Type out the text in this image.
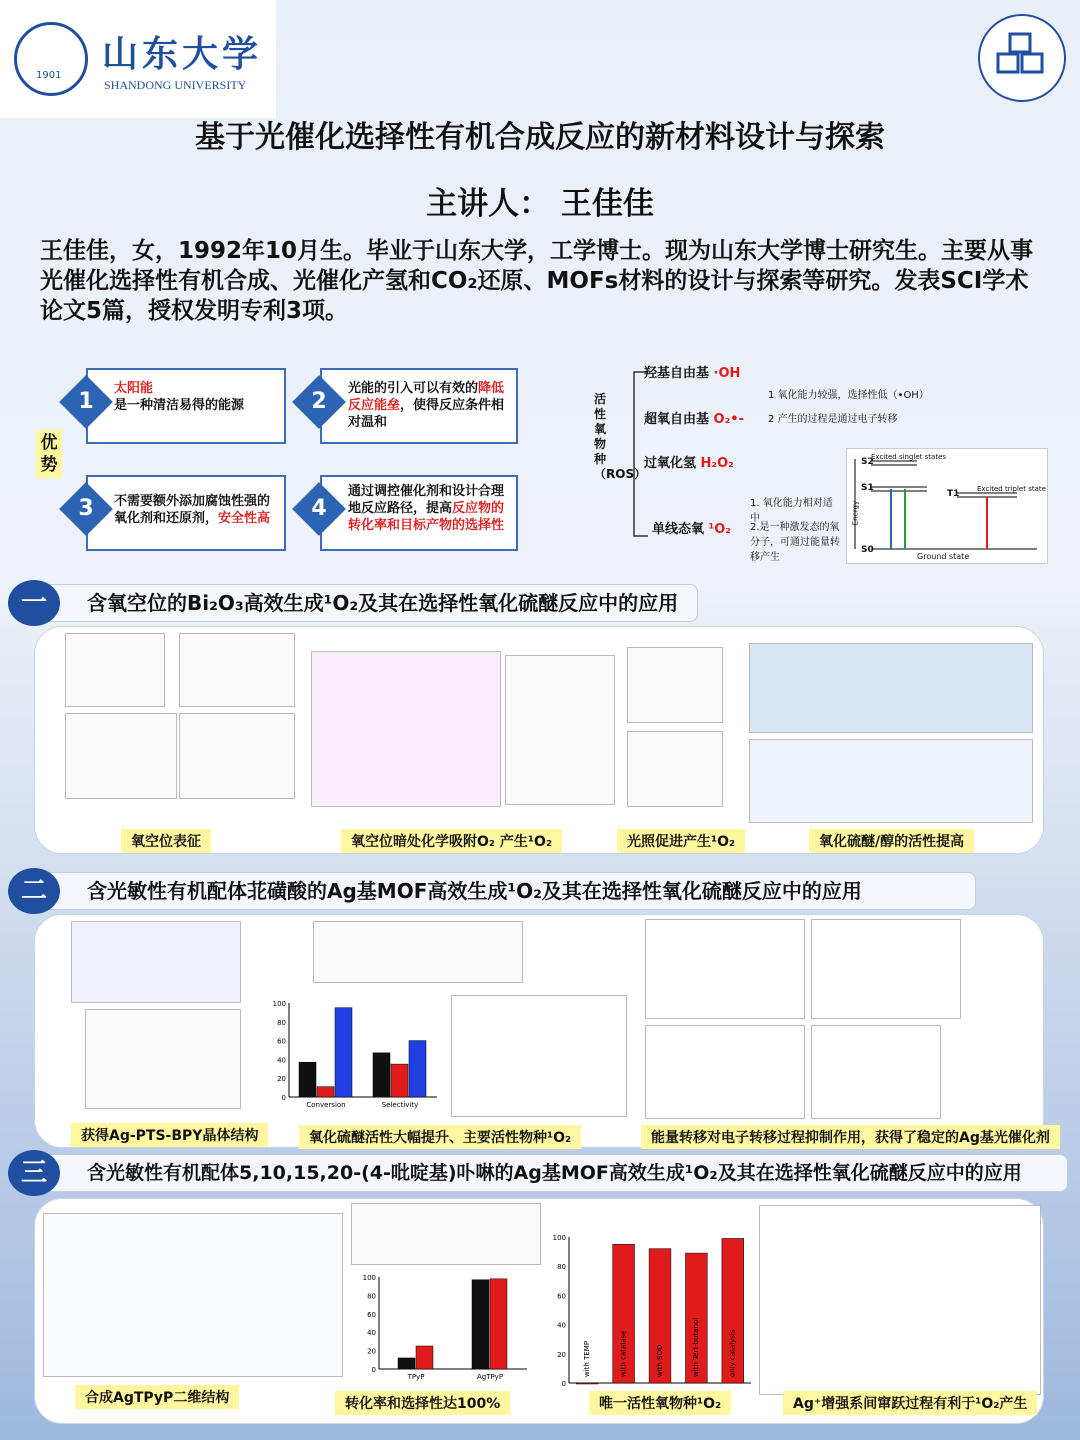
1901
山东大学
SHANDONG UNIVERSITY
基于光催化选择性有机合成反应的新材料设计与探索
主讲人： 王佳佳
王佳佳，女，1992年10月生。毕业于山东大学，工学博士。现为山东大学博士研究生。主要从事光催化选择性有机合成、光催化产氢和CO₂还原、MOFs材料的设计与探索等研究。发表SCI学术论文5篇，授权发明专利3项。
优势
太阳能
是一种清洁易得的能源
1
光能的引入可以有效的降低反应能垒，使得反应条件相对温和
2
不需要额外添加腐蚀性强的氧化剂和还原剂，安全性高
3
通过调控催化剂和设计合理地反应路径，提高反应物的转化率和目标产物的选择性
4
活性氧物种（ROS）
羟基自由基 ·OH
超氧自由基 O₂•-
过氧化氢 H₂O₂
单线态氧 ¹O₂
1 氧化能力较强，选择性低（•OH）
2 产生的过程是通过电子转移
1. 氧化能力相对适中
2.是一种激发态的氧分子，可通过能量转移产生
Excited singlet states
Excited triplet state
S2
S1
T1
S0
Ground state
Energy
含氧空位的Bi₂O₃高效生成¹O₂及其在选择性氧化硫醚反应中的应用
一
氧空位表征	氧空位暗处化学吸附O₂ 产生¹O₂	光照促进产生¹O₂	氧化硫醚/醇的活性提高
含光敏性有机配体苝磺酸的Ag基MOF高效生成¹O₂及其在选择性氧化硫醚反应中的应用
二
0
20
40
60
80
100
Conversion	Selectivity
获得Ag-PTS-BPY晶体结构	氧化硫醚活性大幅提升、主要活性物种¹O₂	能量转移对电子转移过程抑制作用，获得了稳定的Ag基光催化剂
含光敏性有机配体5,10,15,20-(4-吡啶基)卟啉的Ag基MOF高效生成¹O₂及其在选择性氧化硫醚反应中的应用
三
0
20
40
60
80
100
TPyP	AgTPyP
0
20
40
60
80
100
with TEMP	with catalase	with SOD	with Tert-butanol	only catalysis
合成AgTPyP二维结构	转化率和选择性达100%	唯一活性氧物种¹O₂	Ag⁺增强系间窜跃过程有利于¹O₂产生
